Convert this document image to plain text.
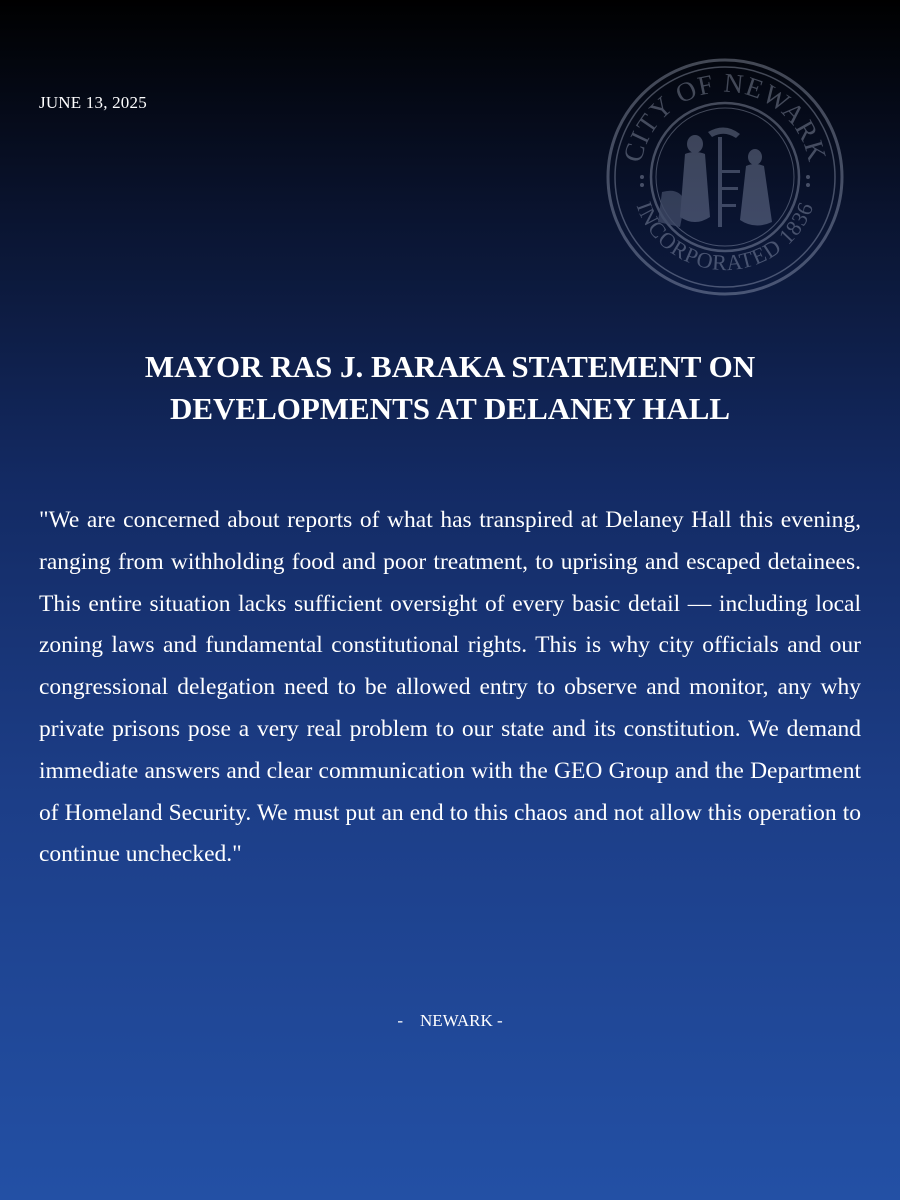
JUNE 13, 2025
CITY OF NEWARK
INCORPORATED 1836
MAYOR RAS J. BARAKA STATEMENT ON DEVELOPMENTS AT DELANEY HALL

"We are concerned about reports of what has transpired at Delaney Hall this evening, ranging from withholding food and poor treatment, to uprising and escaped detainees. This entire situation lacks sufficient oversight of every basic detail — including local zoning laws and fundamental constitutional rights. This is why city officials and our congressional delegation need to be allowed entry to observe and monitor, any why private prisons pose a very real problem to our state and its constitution. We demand immediate answers and clear communication with the GEO Group and the Department of Homeland Security. We must put an end to this chaos and not allow this operation to continue unchecked."

-    NEWARK -
